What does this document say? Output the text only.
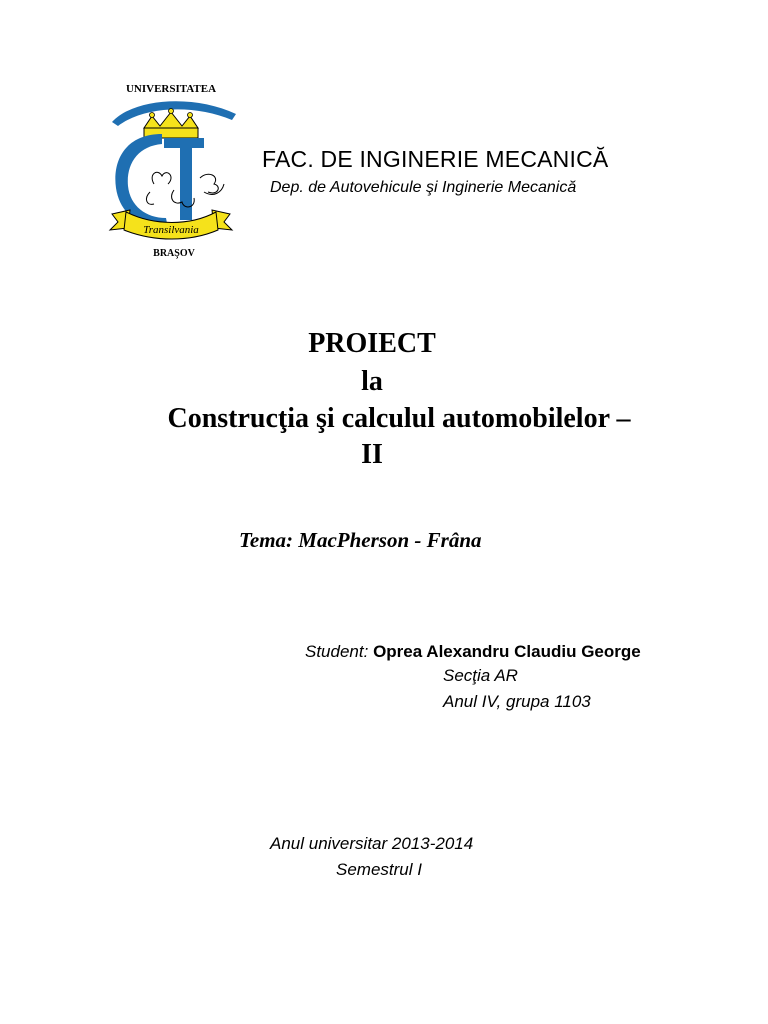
UNIVERSITATEA
Transilvania
BRAŞOV
FAC. DE INGINERIE MECANICĂ
Dep. de Autovehicule şi Inginerie Mecanică
PROIECT
la
Construcţia şi calculul automobilelor –
II
Tema: MacPherson - Frâna
Student: Oprea Alexandru Claudiu George
Secţia AR
Anul IV, grupa 1103
Anul universitar 2013-2014
Semestrul I
